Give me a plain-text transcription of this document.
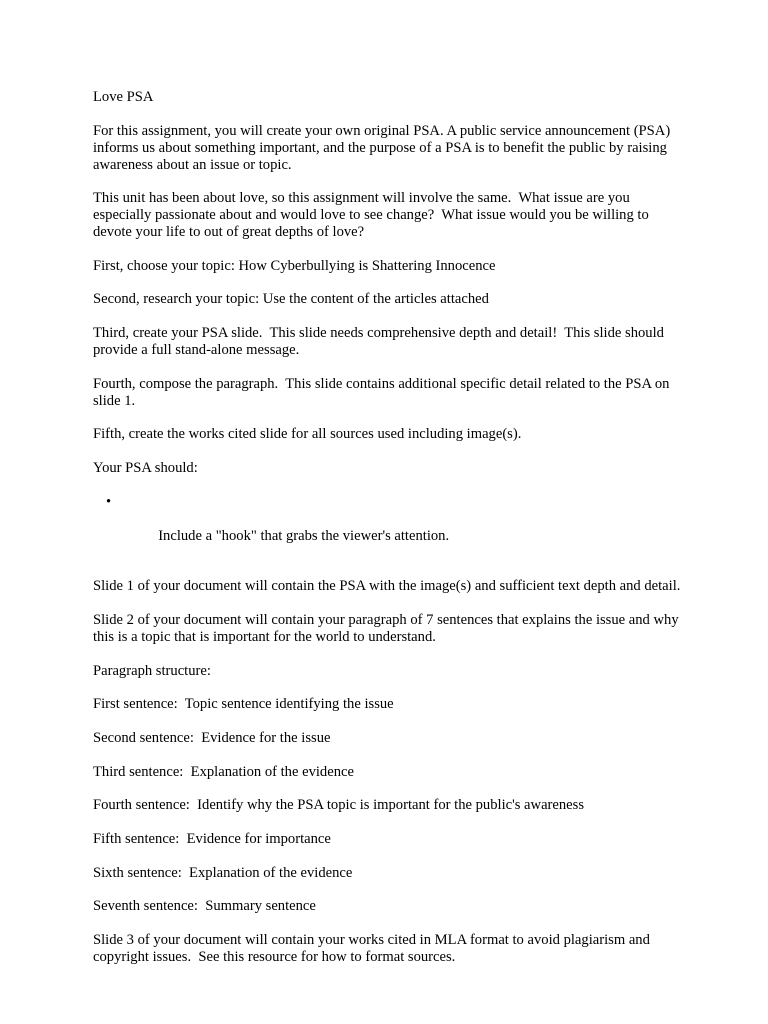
Love PSA

For this assignment, you will create your own original PSA. A public service announcement (PSA) informs us about something important, and the purpose of a PSA is to benefit the public by raising awareness about an issue or topic.

This unit has been about love, so this assignment will involve the same.  What issue are you especially passionate about and would love to see change?  What issue would you be willing to devote your life to out of great depths of love?

First, choose your topic: How Cyberbullying is Shattering Innocence

Second, research your topic: Use the content of the articles attached

Third, create your PSA slide.  This slide needs comprehensive depth and detail!  This slide should provide a full stand-alone message.

Fourth, compose the paragraph.  This slide contains additional specific detail related to the PSA on slide 1.

Fifth, create the works cited slide for all sources used including image(s).

Your PSA should:

•

Include a "hook" that grabs the viewer's attention.

Slide 1 of your document will contain the PSA with the image(s) and sufficient text depth and detail.

Slide 2 of your document will contain your paragraph of 7 sentences that explains the issue and why this is a topic that is important for the world to understand.

Paragraph structure:

First sentence:  Topic sentence identifying the issue

Second sentence:  Evidence for the issue

Third sentence:  Explanation of the evidence

Fourth sentence:  Identify why the PSA topic is important for the public's awareness

Fifth sentence:  Evidence for importance

Sixth sentence:  Explanation of the evidence

Seventh sentence:  Summary sentence

Slide 3 of your document will contain your works cited in MLA format to avoid plagiarism and copyright issues.  See this resource for how to format sources.
